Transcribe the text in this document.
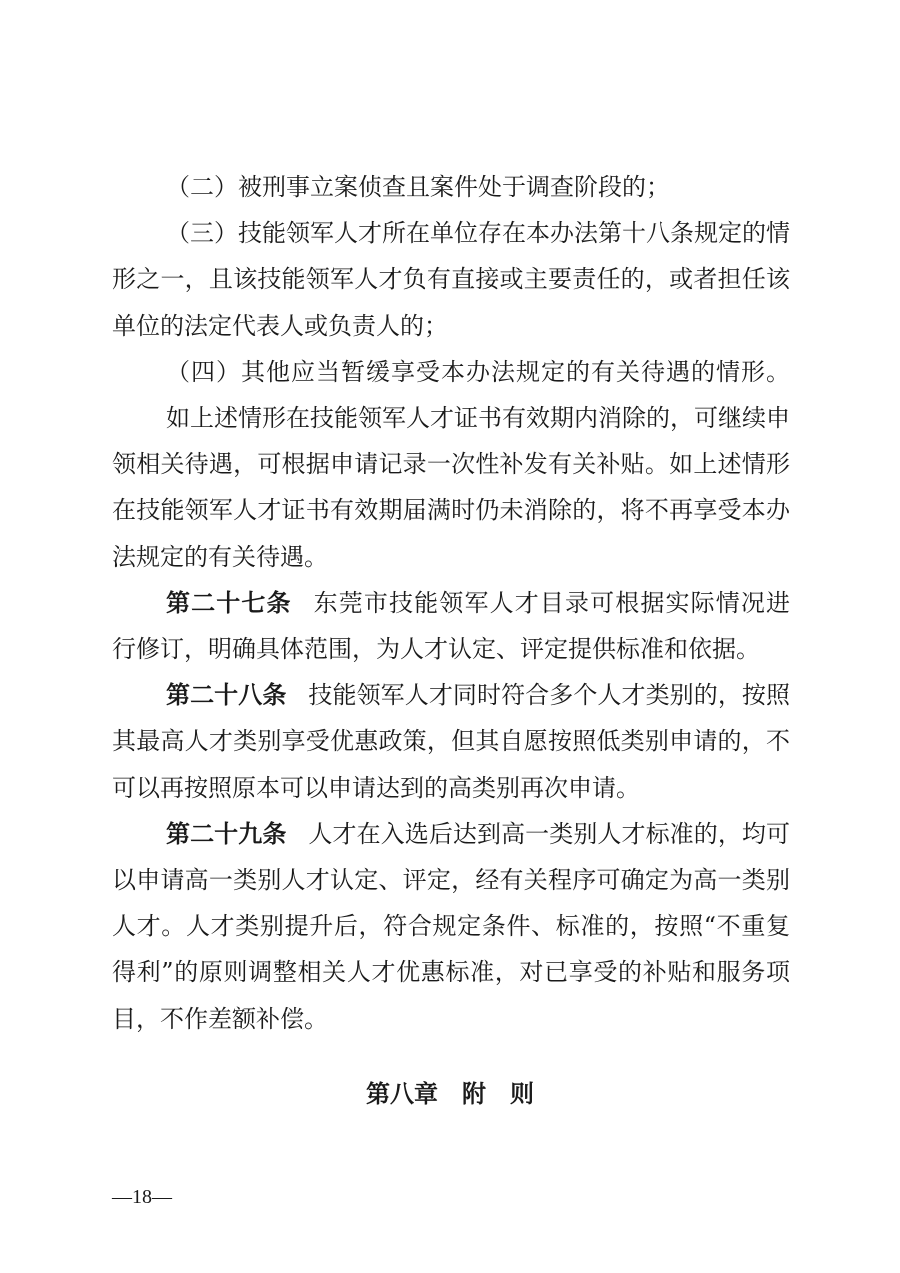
（二）被刑事立案侦查且案件处于调查阶段的；
（三）技能领军人才所在单位存在本办法第十八条规定的情
形之一，且该技能领军人才负有直接或主要责任的，或者担任该
单位的法定代表人或负责人的；
（四）其他应当暂缓享受本办法规定的有关待遇的情形。
如上述情形在技能领军人才证书有效期内消除的，可继续申
领相关待遇，可根据申请记录一次性补发有关补贴。如上述情形
在技能领军人才证书有效期届满时仍未消除的，将不再享受本办
法规定的有关待遇。
第二十七条 东莞市技能领军人才目录可根据实际情况进
行修订，明确具体范围，为人才认定、评定提供标准和依据。
第二十八条 技能领军人才同时符合多个人才类别的，按照
其最高人才类别享受优惠政策，但其自愿按照低类别申请的，不
可以再按照原本可以申请达到的高类别再次申请。
第二十九条 人才在入选后达到高一类别人才标准的，均可
以申请高一类别人才认定、评定，经有关程序可确定为高一类别
人才。人才类别提升后，符合规定条件、标准的，按照“不重复
得利”的原则调整相关人才优惠标准，对已享受的补贴和服务项
目，不作差额补偿。
第八章　附　则
—18—
